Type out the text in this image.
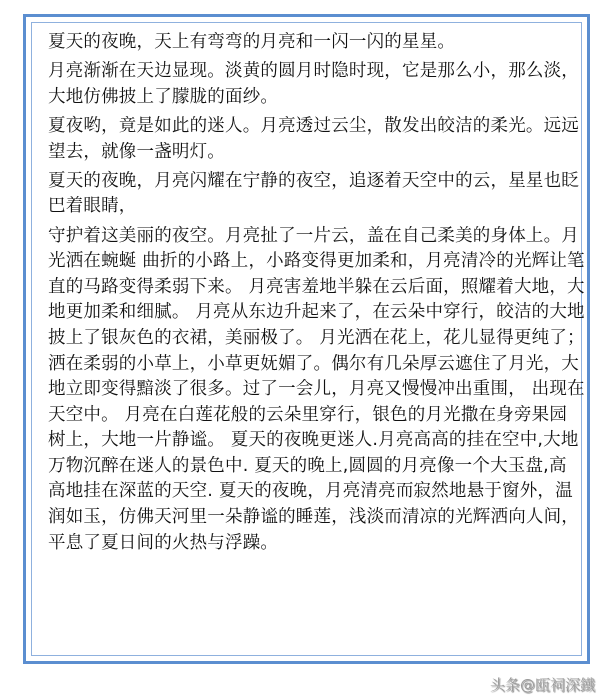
夏天的夜晚，天上有弯弯的月亮和一闪一闪的星星。

月亮渐渐在天边显现。淡黄的圆月时隐时现，它是那么小，那么淡，
大地仿佛披上了朦胧的面纱。

夏夜哟，竟是如此的迷人。月亮透过云尘，散发出皎洁的柔光。远远
望去，就像一盏明灯。

夏天的夜晚，月亮闪耀在宁静的夜空，追逐着天空中的云，星星也眨
巴着眼睛，

守护着这美丽的夜空。月亮扯了一片云，盖在自己柔美的身体上。月
光洒在蜿蜒 曲折的小路上，小路变得更加柔和，月亮清冷的光辉让笔
直的马路变得柔弱下来。 月亮害羞地半躲在云后面，照耀着大地，大
地更加柔和细腻。 月亮从东边升起来了，在云朵中穿行，皎洁的大地
披上了银灰色的衣裙，美丽极了。 月光洒在花上，花儿显得更纯了；
洒在柔弱的小草上，小草更妩媚了。偶尔有几朵厚云遮住了月光，大
地立即变得黯淡了很多。过了一会儿，月亮又慢慢冲出重围， 出现在
天空中。 月亮在白莲花般的云朵里穿行，银色的月光撒在身旁果园
树上，大地一片静谧。 夏天的夜晚更迷人.月亮高高的挂在空中,大地
万物沉醉在迷人的景色中. 夏天的晚上,圆圆的月亮像一个大玉盘,高
高地挂在深蓝的天空. 夏天的夜晚，月亮清亮而寂然地悬于窗外，温
润如玉，仿佛天河里一朵静谧的睡莲，浅淡而清凉的光辉洒向人间，
平息了夏日间的火热与浮躁。

头条@瓯祠深鐵
